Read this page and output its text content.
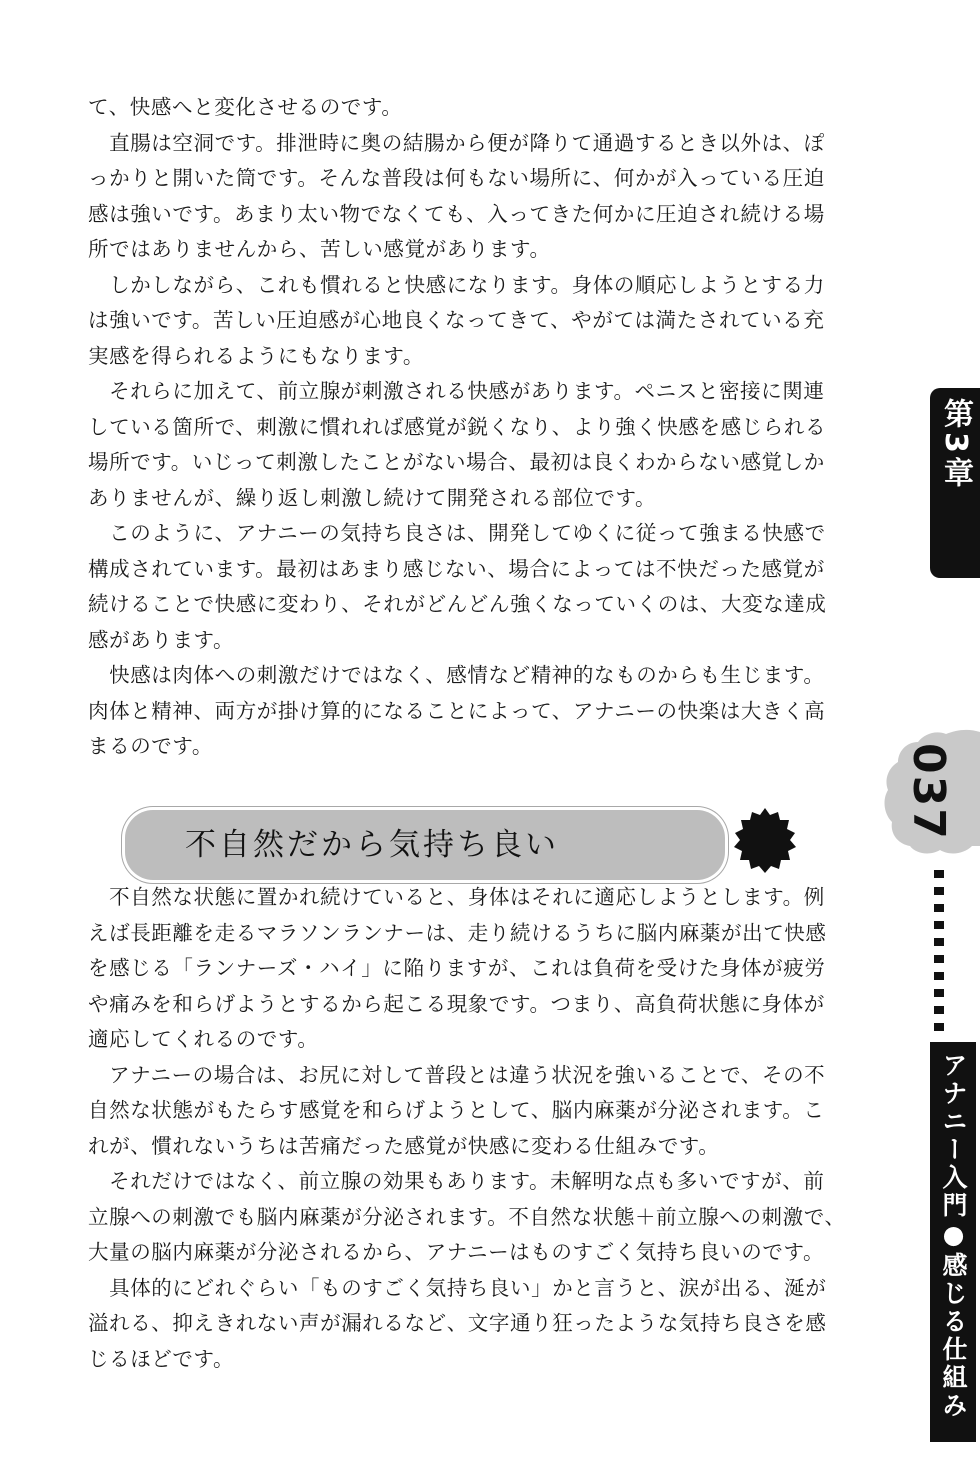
て、快感へと変化させるのです。
　直腸は空洞です。排泄時に奥の結腸から便が降りて通過するとき以外は、ぽ
っかりと開いた筒です。そんな普段は何もない場所に、何かが入っている圧迫
感は強いです。あまり太い物でなくても、入ってきた何かに圧迫され続ける場
所ではありませんから、苦しい感覚があります。
　しかしながら、これも慣れると快感になります。身体の順応しようとする力
は強いです。苦しい圧迫感が心地良くなってきて、やがては満たされている充
実感を得られるようにもなります。
　それらに加えて、前立腺が刺激される快感があります。ペニスと密接に関連
している箇所で、刺激に慣れれば感覚が鋭くなり、より強く快感を感じられる
場所です。いじって刺激したことがない場合、最初は良くわからない感覚しか
ありませんが、繰り返し刺激し続けて開発される部位です。
　このように、アナニーの気持ち良さは、開発してゆくに従って強まる快感で
構成されています。最初はあまり感じない、場合によっては不快だった感覚が
続けることで快感に変わり、それがどんどん強くなっていくのは、大変な達成
感があります。
　快感は肉体への刺激だけではなく、感情など精神的なものからも生じます。
肉体と精神、両方が掛け算的になることによって、アナニーの快楽は大きく高
まるのです。
不自然だから気持ち良い
　不自然な状態に置かれ続けていると、身体はそれに適応しようとします。例
えば長距離を走るマラソンランナーは、走り続けるうちに脳内麻薬が出て快感
を感じる「ランナーズ・ハイ」に陥りますが、これは負荷を受けた身体が疲労
や痛みを和らげようとするから起こる現象です。つまり、高負荷状態に身体が
適応してくれるのです。
　アナニーの場合は、お尻に対して普段とは違う状況を強いることで、その不
自然な状態がもたらす感覚を和らげようとして、脳内麻薬が分泌されます。こ
れが、慣れないうちは苦痛だった感覚が快感に変わる仕組みです。
　それだけではなく、前立腺の効果もあります。未解明な点も多いですが、前
立腺への刺激でも脳内麻薬が分泌されます。不自然な状態＋前立腺への刺激で、
大量の脳内麻薬が分泌されるから、アナニーはものすごく気持ち良いのです。
　具体的にどれぐらい「ものすごく気持ち良い」かと言うと、涙が出る、涎が
溢れる、抑えきれない声が漏れるなど、文字通り狂ったような気持ち良さを感
じるほどです。
第3章
037
アナニー入門●感じる仕組み
